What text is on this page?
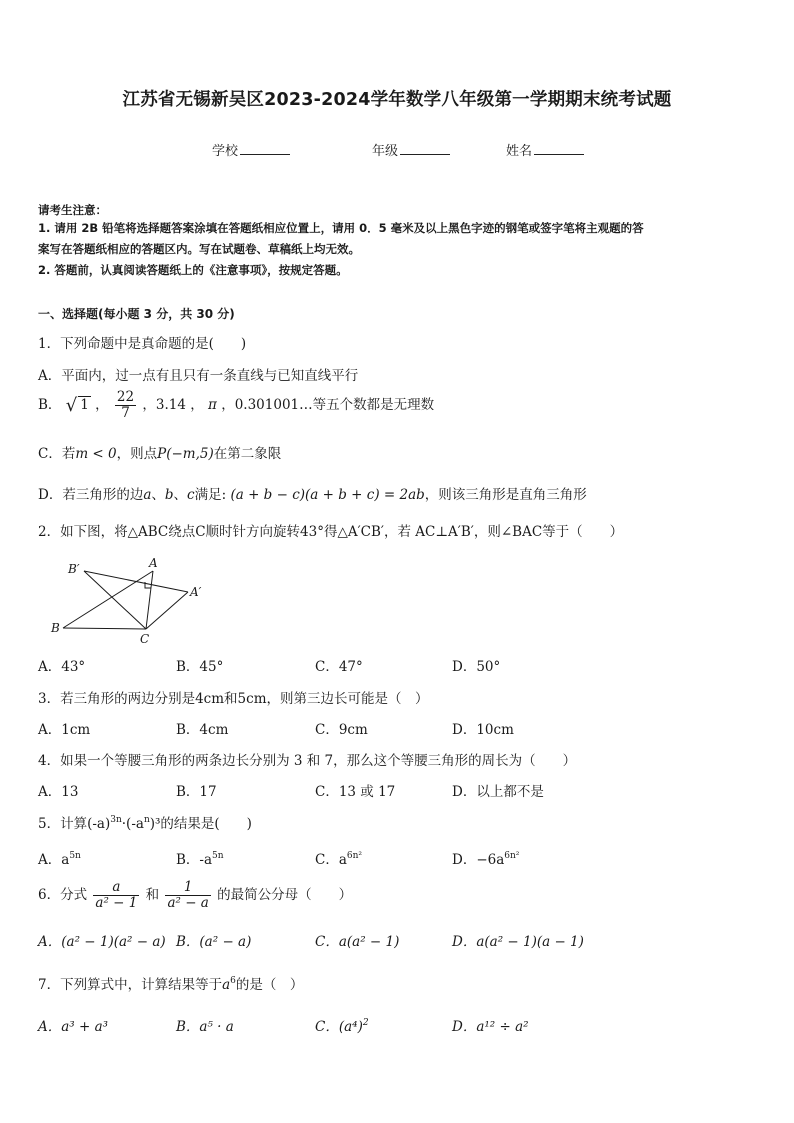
江苏省无锡新吴区2023-2024学年数学八年级第一学期期末统考试题
学校	年级	姓名
请考生注意：
1. 请用 2B 铅笔将选择题答案涂填在答题纸相应位置上，请用 0．5 毫米及以上黑色字迹的钢笔或签字笔将主观题的答
案写在答题纸相应的答题区内。写在试题卷、草稿纸上均无效。
2. 答题前，认真阅读答题纸上的《注意事项》，按规定答题。
一、选择题(每小题 3 分，共 30 分)
1．下列命题中是真命题的是(　　)
A．平面内，过一点有且只有一条直线与已知直线平行
B． √ 1 ， $\frac{22}{7}$ ，3.14 ， π ，0.301001…等五个数都是无理数
C．若m < 0，则点P(−m,5)在第二象限
D．若三角形的边a、b、c满足: (a + b − c)(a + b + c) = 2ab，则该三角形是直角三角形
2．如下图，将△ABC绕点C顺时针方向旋转43°得△A′CB′，若 AC⊥A′B′，则∠BAC等于（　　）
B′	A
A′
B
C
A．43°	B．45°	C．47°	D．50°
3．若三角形的两边分别是4cm和5cm，则第三边长可能是（　）
A．1cm	B．4cm	C．9cm	D．10cm
4．如果一个等腰三角形的两条边长分别为 3 和 7，那么这个等腰三角形的周长为（　　）
A．13	B．17	C．13 或 17	D．以上都不是
5．计算$(-a)^{3n}\cdot(-a^n)^3$的结果是(　　)
A．$a^{5n}$	B．$-a^{5n}$	C．$a^{6n^2}$	D．$-6a^{6n^2}$
6．分式 $\frac{a}{\text{a² − 1}}$ 和 $\frac{1}{\text{a² − a}}$ 的最简公分母（　　）
A．(a² − 1)(a² − a) B．(a² − a)	C．a(a² − 1)	D．a(a² − 1)(a − 1)
7．下列算式中，计算结果等于$a^6$的是（　）
A．a³ + a³	B．a⁵ · a	C．$(a^4)^2$	D．a¹² ÷ a²
